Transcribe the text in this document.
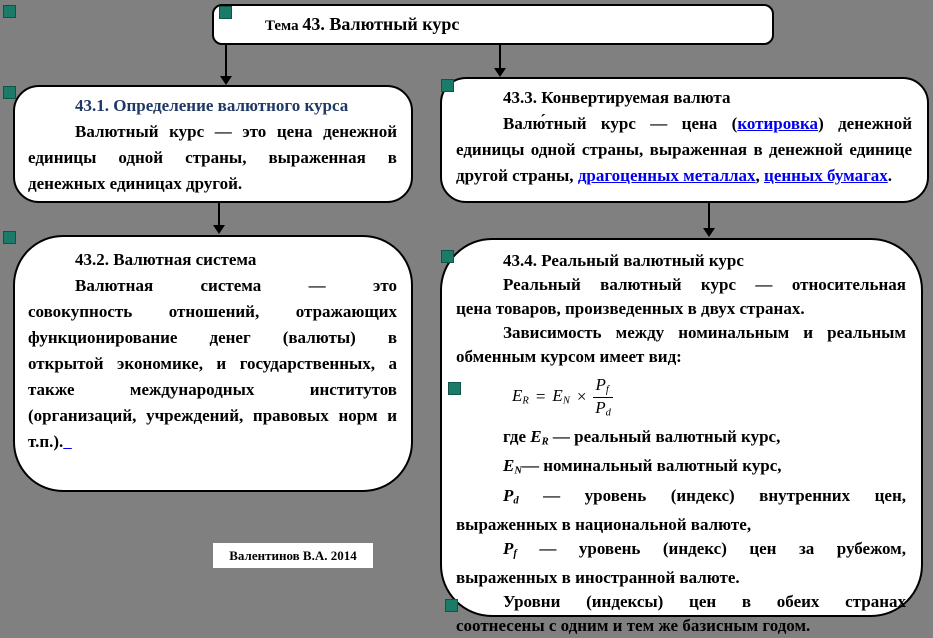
Тема 43. Валютный курс
43.1. Определение валютного курса
Валютный курс — это цена денежной
единицы одной страны, выраженная в
денежных единицах другой.
43.3. Конвертируемая валюта
Валю́тный курс — цена (котировка) денежной
единицы одной страны, выраженная в денежной единице
другой страны, драгоценных металлах, ценных бумагах.
43.2. Валютная система
Валютная система — это
совокупность отношений, отражающих
функционирование денег (валюты) в
открытой экономике, и государственных, а
также международных институтов
(организаций, учреждений, правовых норм и
т.п.).
43.4. Реальный валютный курс
Реальный валютный курс — относительная
цена товаров, произведенных в двух странах.
Зависимость между номинальным и реальным
обменным курсом имеет вид:
ER = EN × $\frac{Pf}{Pd}$
где ER — реальный валютный курс,
EN— номинальный валютный курс,
Pd — уровень (индекс) внутренних цен,
выраженных в национальной валюте,
Pf — уровень (индекс) цен за рубежом,
выраженных в иностранной валюте.
Уровни (индексы) цен в обеих странах
соотнесены с одним и тем же базисным годом.
Валентинов В.А. 2014
